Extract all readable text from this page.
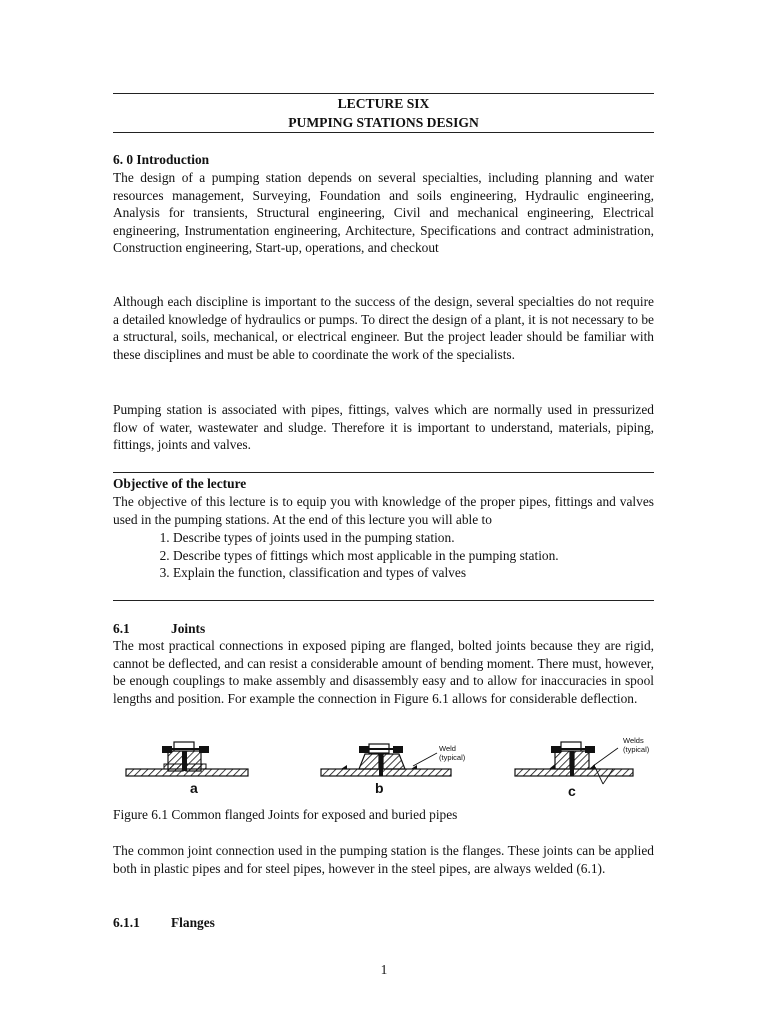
LECTURE SIX
PUMPING STATIONS DESIGN
6. 0 Introduction

The design of a pumping station depends on several specialties, including planning and water resources management, Surveying, Foundation and soils engineering, Hydraulic engineering, Analysis for transients, Structural engineering, Civil and mechanical engineering, Electrical engineering, Instrumentation engineering, Architecture, Specifications and contract administration, Construction engineering, Start-up, operations, and checkout

Although each discipline is important to the success of the design, several specialties do not require a detailed knowledge of hydraulics or pumps. To direct the design of a plant, it is not necessary to be a structural, soils, mechanical, or electrical engineer. But the project leader should be familiar with these disciplines and must be able to coordinate the work of the specialists.

Pumping station is associated with pipes, fittings, valves which are normally used in pressurized flow of water, wastewater and sludge. Therefore it is important to understand, materials, piping, fittings, joints and valves.

Objective of the lecture

The objective of this lecture is to equip you with knowledge of the proper pipes, fittings and valves used in the pumping stations. At the end of this lecture you will able to

1. Describe types of joints used in the pumping station.
2. Describe types of fittings which most applicable in the pumping station.
3. Explain the function, classification and types of valves
6.1	Joints

The most practical connections in exposed piping are flanged, bolted joints because they are rigid, cannot be deflected, and can resist a considerable amount of bending moment. There must, however, be enough couplings to make assembly and disassembly easy and to allow for inaccuracies in spool lengths and position. For example the connection in Figure 6.1 allows for considerable deflection.

a	b	c
Weld
(typical)
Welds
(typical)
Figure 6.1 Common flanged Joints for exposed and buried pipes

The common joint connection used in the pumping station is the flanges. These joints can be applied both in plastic pipes and for steel pipes, however in the steel pipes, are always welded (6.1).

6.1.1 Flanges
1
